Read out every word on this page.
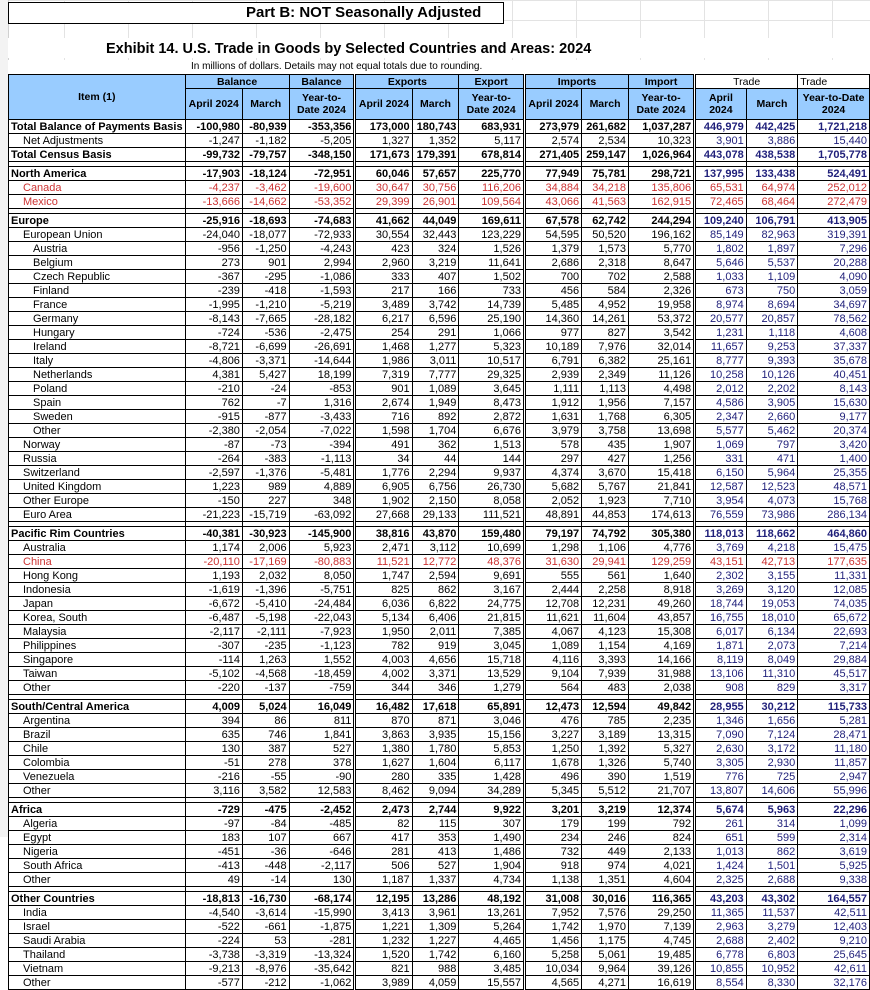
Part B: NOT Seasonally Adjusted
Exhibit 14. U.S. Trade in Goods by Selected Countries and Areas: 2024
In millions of dollars. Details may not equal totals due to rounding.
Item (1)	Balance		Balance	Exports		Export	Imports		Import	Trade		Trade
	April 2024	March	Year-to-Date 2024	April 2024	March	Year-to-Date 2024	April 2024	March	Year-to-Date 2024	April 2024	March	Year-to-Date 2024
Total Balance of Payments Basis	-100,980	-80,939	-353,356	173,000	180,743	683,931	273,979	261,682	1,037,287	446,979	442,425	1,721,218
Net Adjustments	-1,247	-1,182	-5,205	1,327	1,352	5,117	2,574	2,534	10,323	3,901	3,886	15,440
Total Census Basis	-99,732	-79,757	-348,150	171,673	179,391	678,814	271,405	259,147	1,026,964	443,078	438,538	1,705,778

North America	-17,903	-18,124	-72,951	60,046	57,657	225,770	77,949	75,781	298,721	137,995	133,438	524,491
Canada	-4,237	-3,462	-19,600	30,647	30,756	116,206	34,884	34,218	135,806	65,531	64,974	252,012
Mexico	-13,666	-14,662	-53,352	29,399	26,901	109,564	43,066	41,563	162,915	72,465	68,464	272,479

Europe	-25,916	-18,693	-74,683	41,662	44,049	169,611	67,578	62,742	244,294	109,240	106,791	413,905
European Union	-24,040	-18,077	-72,933	30,554	32,443	123,229	54,595	50,520	196,162	85,149	82,963	319,391
Austria	-956	-1,250	-4,243	423	324	1,526	1,379	1,573	5,770	1,802	1,897	7,296
Belgium	273	901	2,994	2,960	3,219	11,641	2,686	2,318	8,647	5,646	5,537	20,288
Czech Republic	-367	-295	-1,086	333	407	1,502	700	702	2,588	1,033	1,109	4,090
Finland	-239	-418	-1,593	217	166	733	456	584	2,326	673	750	3,059
France	-1,995	-1,210	-5,219	3,489	3,742	14,739	5,485	4,952	19,958	8,974	8,694	34,697
Germany	-8,143	-7,665	-28,182	6,217	6,596	25,190	14,360	14,261	53,372	20,577	20,857	78,562
Hungary	-724	-536	-2,475	254	291	1,066	977	827	3,542	1,231	1,118	4,608
Ireland	-8,721	-6,699	-26,691	1,468	1,277	5,323	10,189	7,976	32,014	11,657	9,253	37,337
Italy	-4,806	-3,371	-14,644	1,986	3,011	10,517	6,791	6,382	25,161	8,777	9,393	35,678
Netherlands	4,381	5,427	18,199	7,319	7,777	29,325	2,939	2,349	11,126	10,258	10,126	40,451
Poland	-210	-24	-853	901	1,089	3,645	1,111	1,113	4,498	2,012	2,202	8,143
Spain	762	-7	1,316	2,674	1,949	8,473	1,912	1,956	7,157	4,586	3,905	15,630
Sweden	-915	-877	-3,433	716	892	2,872	1,631	1,768	6,305	2,347	2,660	9,177
Other	-2,380	-2,054	-7,022	1,598	1,704	6,676	3,979	3,758	13,698	5,577	5,462	20,374
Norway	-87	-73	-394	491	362	1,513	578	435	1,907	1,069	797	3,420
Russia	-264	-383	-1,113	34	44	144	297	427	1,256	331	471	1,400
Switzerland	-2,597	-1,376	-5,481	1,776	2,294	9,937	4,374	3,670	15,418	6,150	5,964	25,355
United Kingdom	1,223	989	4,889	6,905	6,756	26,730	5,682	5,767	21,841	12,587	12,523	48,571
Other Europe	-150	227	348	1,902	2,150	8,058	2,052	1,923	7,710	3,954	4,073	15,768
Euro Area	-21,223	-15,719	-63,092	27,668	29,133	111,521	48,891	44,853	174,613	76,559	73,986	286,134

Pacific Rim Countries	-40,381	-30,923	-145,900	38,816	43,870	159,480	79,197	74,792	305,380	118,013	118,662	464,860
Australia	1,174	2,006	5,923	2,471	3,112	10,699	1,298	1,106	4,776	3,769	4,218	15,475
China	-20,110	-17,169	-80,883	11,521	12,772	48,376	31,630	29,941	129,259	43,151	42,713	177,635
Hong Kong	1,193	2,032	8,050	1,747	2,594	9,691	555	561	1,640	2,302	3,155	11,331
Indonesia	-1,619	-1,396	-5,751	825	862	3,167	2,444	2,258	8,918	3,269	3,120	12,085
Japan	-6,672	-5,410	-24,484	6,036	6,822	24,775	12,708	12,231	49,260	18,744	19,053	74,035
Korea, South	-6,487	-5,198	-22,043	5,134	6,406	21,815	11,621	11,604	43,857	16,755	18,010	65,672
Malaysia	-2,117	-2,111	-7,923	1,950	2,011	7,385	4,067	4,123	15,308	6,017	6,134	22,693
Philippines	-307	-235	-1,123	782	919	3,045	1,089	1,154	4,169	1,871	2,073	7,214
Singapore	-114	1,263	1,552	4,003	4,656	15,718	4,116	3,393	14,166	8,119	8,049	29,884
Taiwan	-5,102	-4,568	-18,459	4,002	3,371	13,529	9,104	7,939	31,988	13,106	11,310	45,517
Other	-220	-137	-759	344	346	1,279	564	483	2,038	908	829	3,317

South/Central America	4,009	5,024	16,049	16,482	17,618	65,891	12,473	12,594	49,842	28,955	30,212	115,733
Argentina	394	86	811	870	871	3,046	476	785	2,235	1,346	1,656	5,281
Brazil	635	746	1,841	3,863	3,935	15,156	3,227	3,189	13,315	7,090	7,124	28,471
Chile	130	387	527	1,380	1,780	5,853	1,250	1,392	5,327	2,630	3,172	11,180
Colombia	-51	278	378	1,627	1,604	6,117	1,678	1,326	5,740	3,305	2,930	11,857
Venezuela	-216	-55	-90	280	335	1,428	496	390	1,519	776	725	2,947
Other	3,116	3,582	12,583	8,462	9,094	34,289	5,345	5,512	21,707	13,807	14,606	55,996

Africa	-729	-475	-2,452	2,473	2,744	9,922	3,201	3,219	12,374	5,674	5,963	22,296
Algeria	-97	-84	-485	82	115	307	179	199	792	261	314	1,099
Egypt	183	107	667	417	353	1,490	234	246	824	651	599	2,314
Nigeria	-451	-36	-646	281	413	1,486	732	449	2,133	1,013	862	3,619
South Africa	-413	-448	-2,117	506	527	1,904	918	974	4,021	1,424	1,501	5,925
Other	49	-14	130	1,187	1,337	4,734	1,138	1,351	4,604	2,325	2,688	9,338

Other Countries	-18,813	-16,730	-68,174	12,195	13,286	48,192	31,008	30,016	116,365	43,203	43,302	164,557
India	-4,540	-3,614	-15,990	3,413	3,961	13,261	7,952	7,576	29,250	11,365	11,537	42,511
Israel	-522	-661	-1,875	1,221	1,309	5,264	1,742	1,970	7,139	2,963	3,279	12,403
Saudi Arabia	-224	53	-281	1,232	1,227	4,465	1,456	1,175	4,745	2,688	2,402	9,210
Thailand	-3,738	-3,319	-13,324	1,520	1,742	6,160	5,258	5,061	19,485	6,778	6,803	25,645
Vietnam	-9,213	-8,976	-35,642	821	988	3,485	10,034	9,964	39,126	10,855	10,952	42,611
Other	-577	-212	-1,062	3,989	4,059	15,557	4,565	4,271	16,619	8,554	8,330	32,176
